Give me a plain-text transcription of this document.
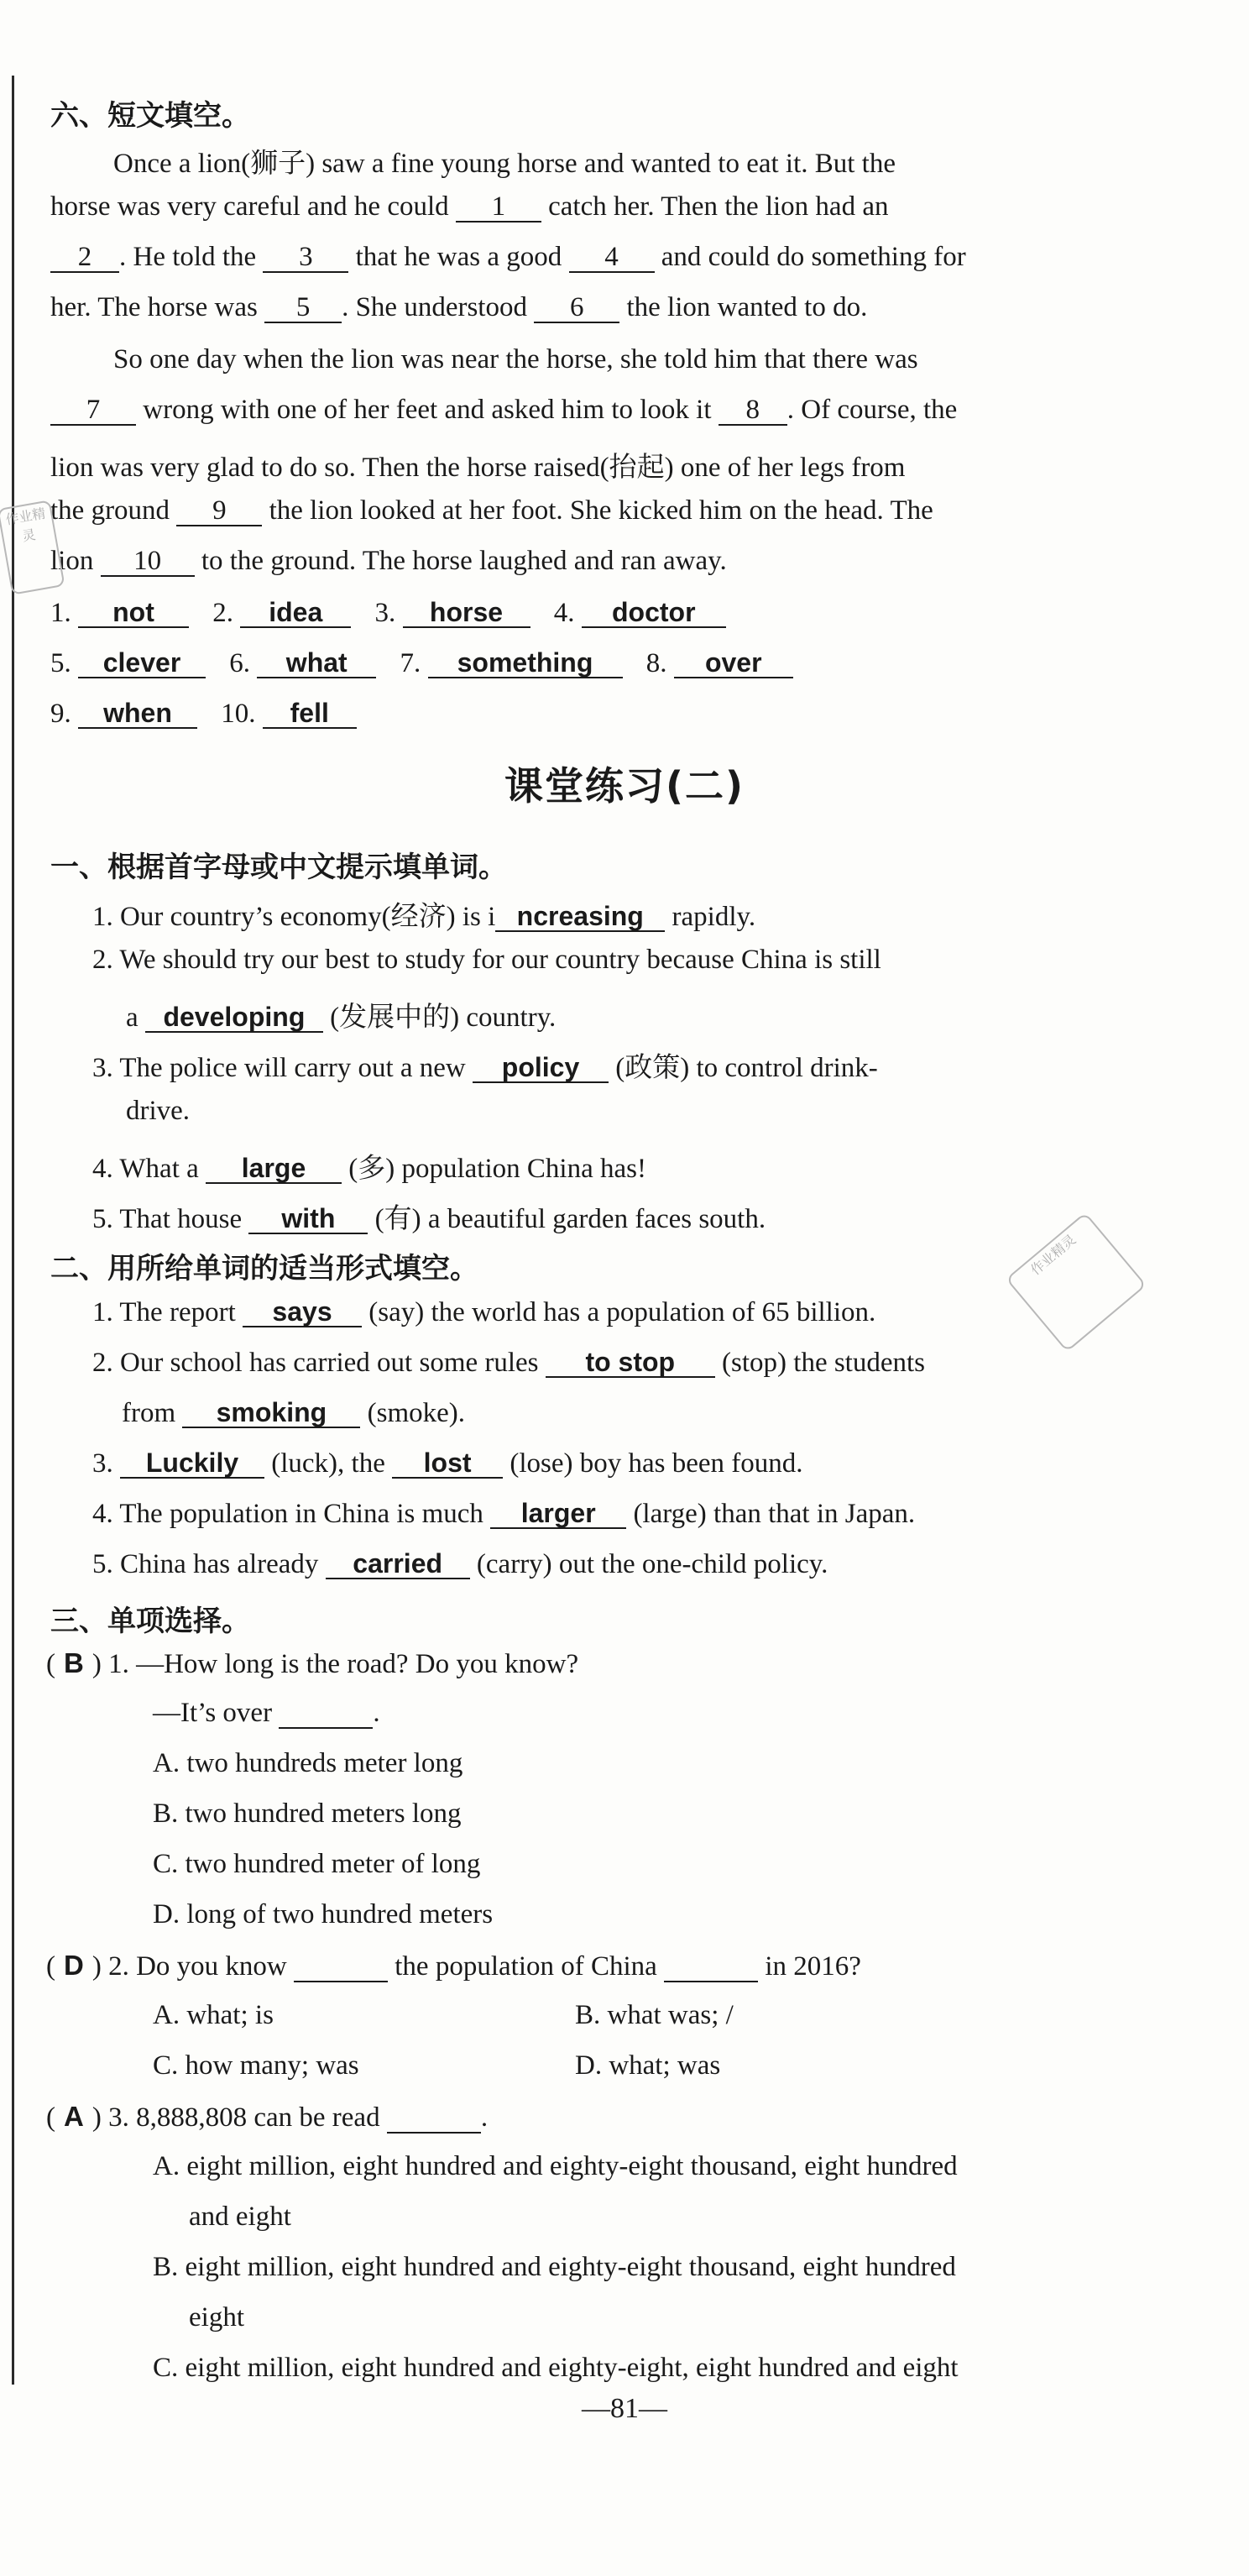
六、短文填空。
Once a lion(狮子) saw a fine young horse and wanted to eat it. But the
horse was very careful and he could 1 catch her. Then the lion had an
2 . He told the 3 that he was a good 4 and could do something for
her. The horse was 5 . She understood 6 the lion wanted to do.
So one day when the lion was near the horse, she told him that there was
7 wrong with one of her feet and asked him to look it 8 . Of course, the
lion was very glad to do so. Then the horse raised(抬起) one of her legs from
the ground 9 the lion looked at her foot. She kicked him on the head. The
lion 10 to the ground. The horse laughed and ran away.
1. not 2. idea 3. horse 4. doctor
5. clever 6. what 7. something 8. over
9. when 10. fell
课堂练习(二)
一、根据首字母或中文提示填单词。
1. Our country’s economy(经济) is i ncreasing rapidly.
2. We should try our best to study for our country because China is still
a developing (发展中的) country.
3. The police will carry out a new policy (政策) to control drink-
drive.
4. What a large (多) population China has!
5. That house with (有) a beautiful garden faces south.
二、用所给单词的适当形式填空。
1. The report says (say) the world has a population of 65 billion.
2. Our school has carried out some rules to stop (stop) the students
from smoking (smoke).
3. Luckily (luck), the lost (lose) boy has been found.
4. The population in China is much larger (large) than that in Japan.
5. China has already carried (carry) out the one-child policy.
三、单项选择。
( B ) 1. —How long is the road? Do you know?
—It’s over	.
A. two hundreds meter long
B. two hundred meters long
C. two hundred meter of long
D. long of two hundred meters
( D ) 2. Do you know	the population of China	in 2016?
A. what; is	B. what was; /
C. how many; was	D. what; was
( A ) 3. 8,888,808 can be read	.
A. eight million, eight hundred and eighty-eight thousand, eight hundred
and eight
B. eight million, eight hundred and eighty-eight thousand, eight hundred
eight
C. eight million, eight hundred and eighty-eight, eight hundred and eight
—81—
作业精灵
作业精灵
